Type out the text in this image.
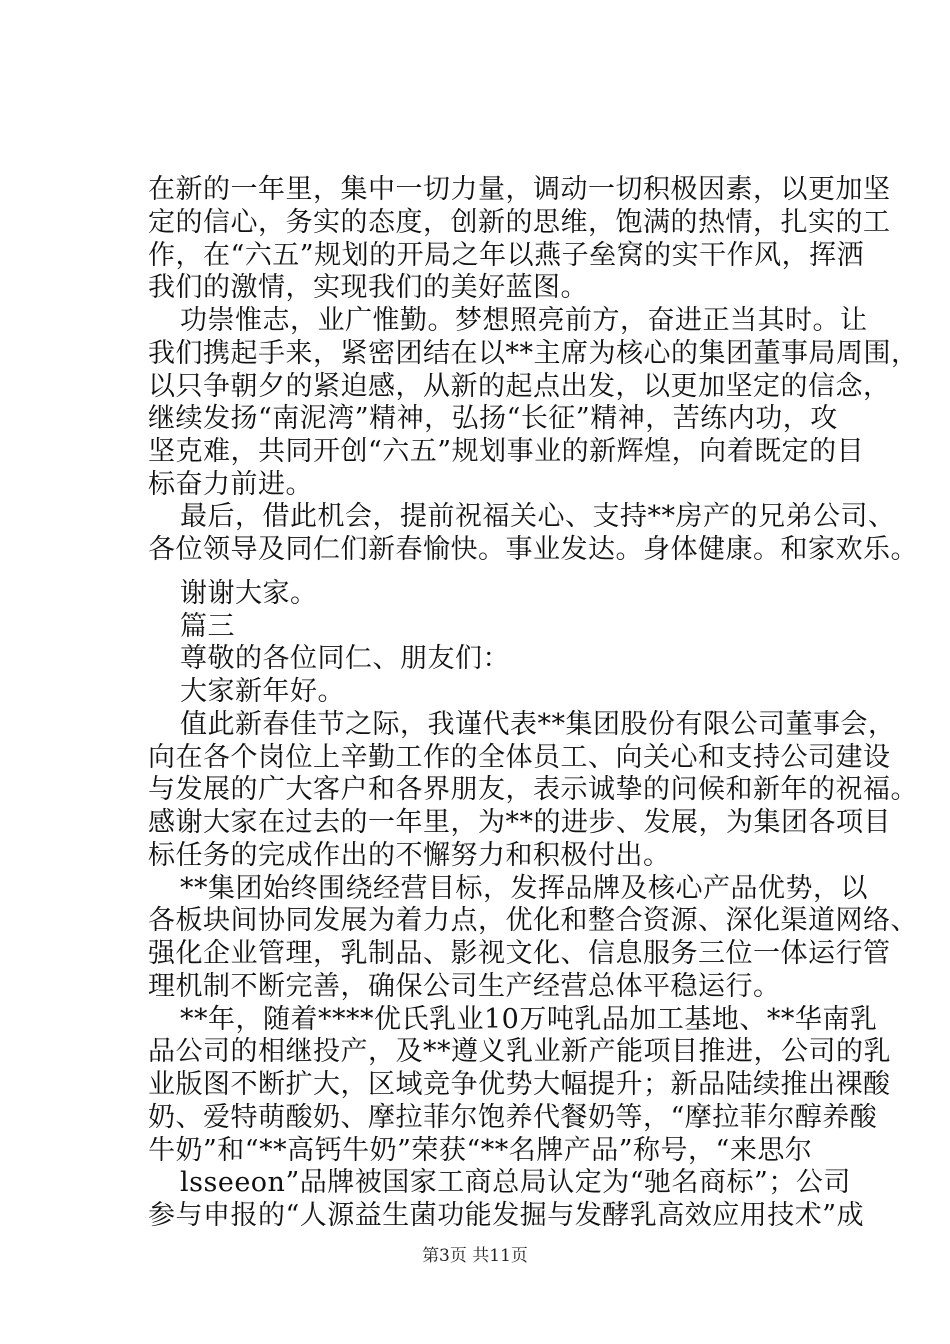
在新的一年里，集中一切力量，调动一切积极因素，以更加坚
定的信心，务实的态度，创新的思维，饱满的热情，扎实的工
作，在“六五”规划的开局之年以燕子垒窝的实干作风，挥洒
我们的激情，实现我们的美好蓝图。
功崇惟志，业广惟勤。梦想照亮前方，奋进正当其时。让
我们携起手来，紧密团结在以**主席为核心的集团董事局周围，
以只争朝夕的紧迫感，从新的起点出发，以更加坚定的信念，
继续发扬“南泥湾”精神，弘扬“长征”精神，苦练内功，攻
坚克难，共同开创“六五”规划事业的新辉煌，向着既定的目
标奋力前进。
最后，借此机会，提前祝福关心、支持**房产的兄弟公司、
各位领导及同仁们新春愉快。事业发达。身体健康。和家欢乐。
谢谢大家。
篇三
尊敬的各位同仁、朋友们：
大家新年好。
值此新春佳节之际，我谨代表**集团股份有限公司董事会，
向在各个岗位上辛勤工作的全体员工、向关心和支持公司建设
与发展的广大客户和各界朋友，表示诚挚的问候和新年的祝福。
感谢大家在过去的一年里，为**的进步、发展，为集团各项目
标任务的完成作出的不懈努力和积极付出。
**集团始终围绕经营目标，发挥品牌及核心产品优势，以
各板块间协同发展为着力点，优化和整合资源、深化渠道网络、
强化企业管理，乳制品、影视文化、信息服务三位一体运行管
理机制不断完善，确保公司生产经营总体平稳运行。
**年，随着****优氏乳业10万吨乳品加工基地、**华南乳
品公司的相继投产，及**遵义乳业新产能项目推进，公司的乳
业版图不断扩大，区域竞争优势大幅提升；新品陆续推出裸酸
奶、爱特萌酸奶、摩拉菲尔饱养代餐奶等，“摩拉菲尔醇养酸
牛奶”和“**高钙牛奶”荣获“**名牌产品”称号，“来思尔
lsseeon”品牌被国家工商总局认定为“驰名商标”；公司
参与申报的“人源益生菌功能发掘与发酵乳高效应用技术”成
第3页 共11页
